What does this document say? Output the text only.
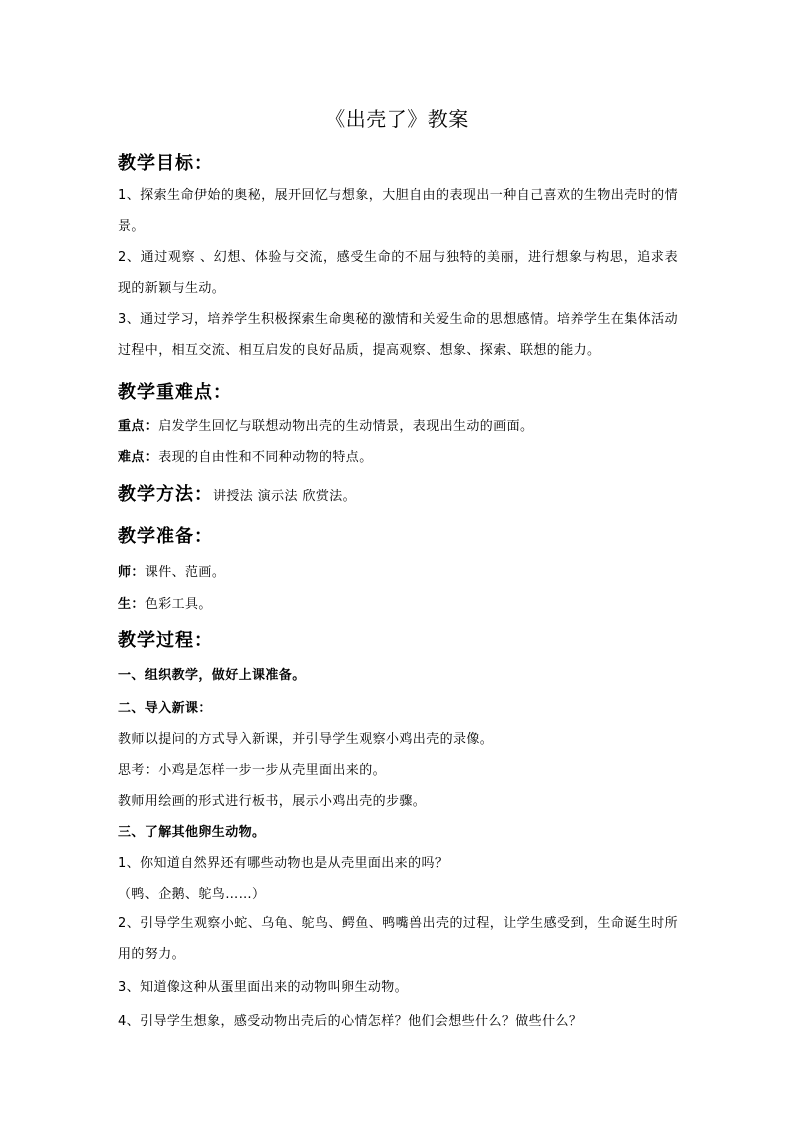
《出壳了》教案
教学目标：
1、探索生命伊始的奥秘，展开回忆与想象，大胆自由的表现出一种自己喜欢的生物出壳时的情景。
2、通过观察 、幻想、体验与交流，感受生命的不屈与独特的美丽，进行想象与构思，追求表现的新颖与生动。
3、通过学习，培养学生积极探索生命奥秘的激情和关爱生命的思想感情。培养学生在集体活动过程中，相互交流、相互启发的良好品质，提高观察、想象、探索、联想的能力。
教学重难点：
重点：启发学生回忆与联想动物出壳的生动情景，表现出生动的画面。
难点：表现的自由性和不同种动物的特点。
教学方法：讲授法 演示法 欣赏法。
教学准备：
师：课件、范画。
生：色彩工具。
教学过程：
一、组织教学，做好上课准备。
二、导入新课：
教师以提问的方式导入新课，并引导学生观察小鸡出壳的录像。
思考：小鸡是怎样一步一步从壳里面出来的。
教师用绘画的形式进行板书，展示小鸡出壳的步骤。
三、了解其他卵生动物。
1、你知道自然界还有哪些动物也是从壳里面出来的吗？
（鸭、企鹅、鸵鸟……）
2、引导学生观察小蛇、乌龟、鸵鸟、鳄鱼、鸭嘴兽出壳的过程，让学生感受到，生命诞生时所用的努力。
3、知道像这种从蛋里面出来的动物叫卵生动物。
4、引导学生想象，感受动物出壳后的心情怎样？他们会想些什么？做些什么？
